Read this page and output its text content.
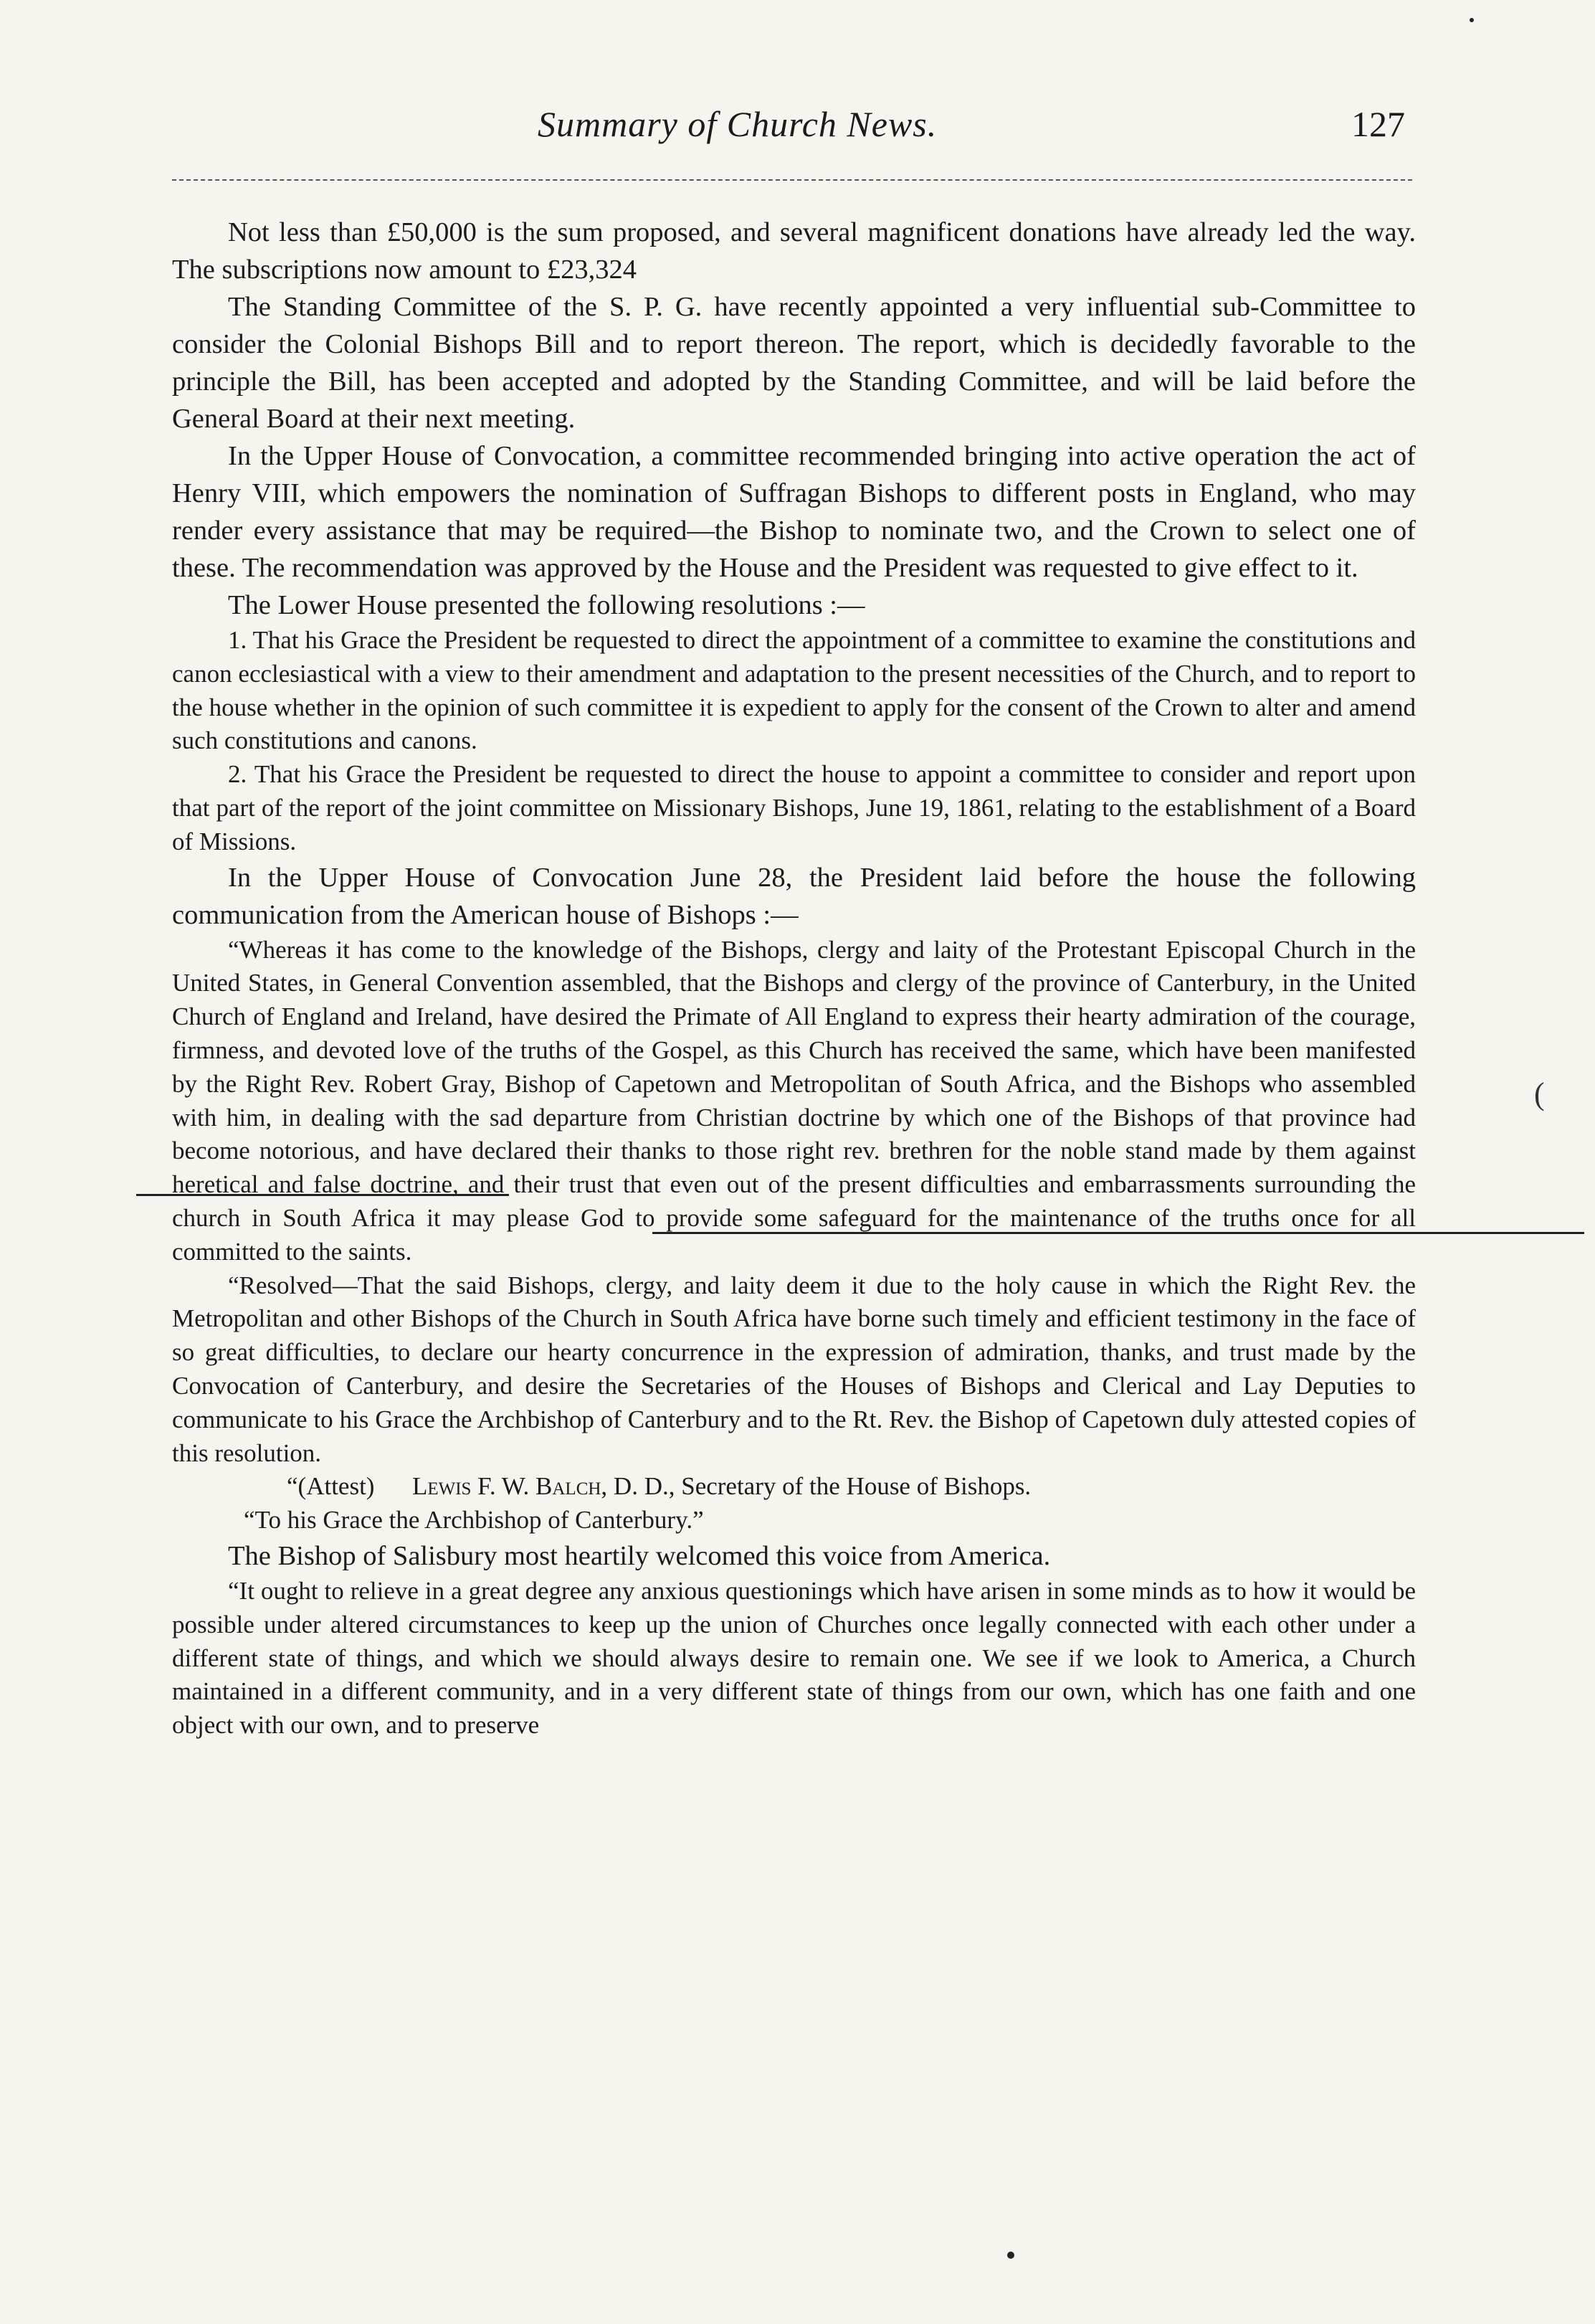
Summary of Church News.	127

Not less than £50,000 is the sum proposed, and several magnificent donations have already led the way. The subscriptions now amount to £23,324

The Standing Committee of the S. P. G. have recently appointed a very influential sub-Committee to consider the Colonial Bishops Bill and to report thereon. The report, which is decidedly favorable to the principle the Bill, has been accepted and adopted by the Standing Committee, and will be laid before the General Board at their next meeting.

In the Upper House of Convocation, a committee recommended bringing into active operation the act of Henry VIII, which empowers the nomination of Suffragan Bishops to different posts in England, who may render every assistance that may be required—the Bishop to nominate two, and the Crown to select one of these. The recommendation was approved by the House and the President was requested to give effect to it.

The Lower House presented the following resolutions :—

1. That his Grace the President be requested to direct the appointment of a committee to examine the constitutions and canon ecclesiastical with a view to their amendment and adaptation to the present necessities of the Church, and to report to the house whether in the opinion of such committee it is expedient to apply for the consent of the Crown to alter and amend such constitutions and canons.

2. That his Grace the President be requested to direct the house to appoint a committee to consider and report upon that part of the report of the joint committee on Missionary Bishops, June 19, 1861, relating to the establishment of a Board of Missions.

In the Upper House of Convocation June 28, the President laid before the house the following communication from the American house of Bishops :—

“Whereas it has come to the knowledge of the Bishops, clergy and laity of the Protestant Episcopal Church in the United States, in General Convention assembled, that the Bishops and clergy of the province of Canterbury, in the United Church of England and Ireland, have desired the Primate of All England to express their hearty admiration of the courage, firmness, and devoted love of the truths of the Gospel, as this Church has received the same, which have been manifested by the Right Rev. Robert Gray, Bishop of Capetown and Metropolitan of South Africa, and the Bishops who assembled with him, in dealing with the sad departure from Christian doctrine by which one of the Bishops of that province had become notorious, and have declared their thanks to those right rev. brethren for the noble stand made by them against heretical and false doctrine, and their trust that even out of the present difficulties and embarrassments surrounding the church in South Africa it may please God to provide some safeguard for the maintenance of the truths once for all committed to the saints.

“Resolved—That the said Bishops, clergy, and laity deem it due to the holy cause in which the Right Rev. the Metropolitan and other Bishops of the Church in South Africa have borne such timely and efficient testimony in the face of so great difficulties, to declare our hearty concurrence in the expression of admiration, thanks, and trust made by the Convocation of Canterbury, and desire the Secretaries of the Houses of Bishops and Clerical and Lay Deputies to communicate to his Grace the Archbishop of Canterbury and to the Rt. Rev. the Bishop of Capetown duly attested copies of this resolution.

“(Attest) Lewis F. W. Balch, D. D., Secretary of the House of Bishops.

“To his Grace the Archbishop of Canterbury.”

The Bishop of Salisbury most heartily welcomed this voice from America.

“It ought to relieve in a great degree any anxious questionings which have arisen in some minds as to how it would be possible under altered circumstances to keep up the union of Churches once legally connected with each other under a different state of things, and which we should always desire to remain one. We see if we look to America, a Church maintained in a different community, and in a very different state of things from our own, which has one faith and one object with our own, and to preserve

(
